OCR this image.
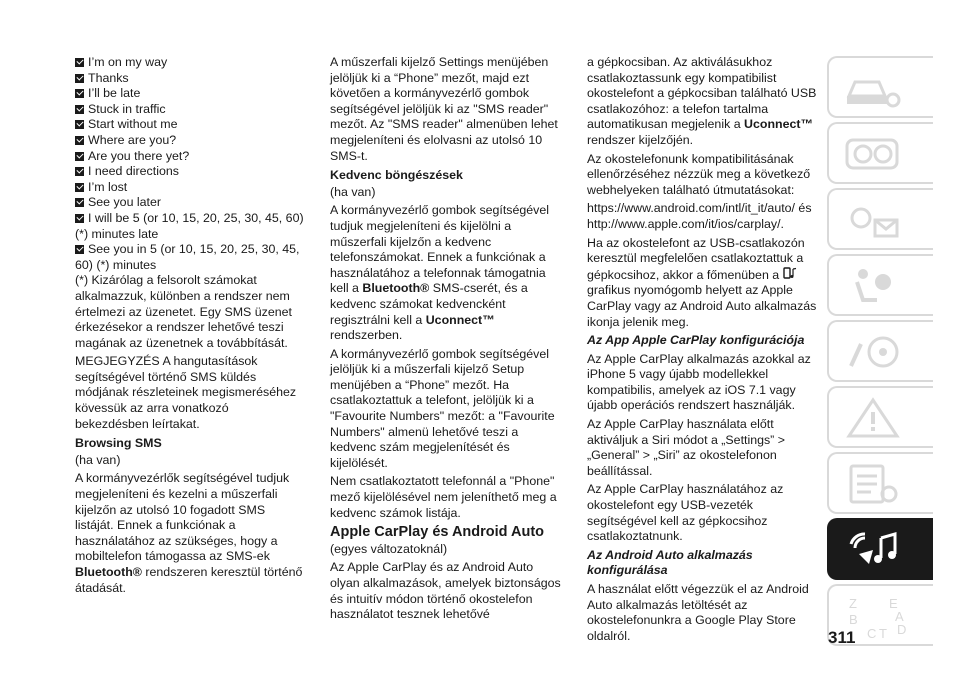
I’m on my way
Thanks
I’ll be late
Stuck in traffic
Start without me
Where are you?
Are you there yet?
I need directions
I’m lost
See you later
I will be 5 (or 10, 15, 20, 25, 30, 45, 60) (*) minutes late
See you in 5 (or 10, 15, 20, 25, 30, 45, 60) (*) minutes

(*) Kizárólag a felsorolt számokat alkalmazzuk, különben a rendszer nem értelmezi az üzenetet. Egy SMS üzenet érkezésekor a rendszer lehetővé teszi magának az üzenetnek a továbbítását.

MEGJEGYZÉS A hangutasítások segítségével történő SMS küldés módjának részleteinek megismeréséhez kövessük az arra vonatkozó bekezdésben leírtakat.

Browsing SMS

(ha van)

A kormányvezérlők segítségével tudjuk megjeleníteni és kezelni a műszerfali kijelzőn az utolsó 10 fogadott SMS listáját. Ennek a funkciónak a használatához az szükséges, hogy a mobiltelefon támogassa az SMS-ek Bluetooth® rendszeren keresztül történő átadását.

A műszerfali kijelző Settings menüjében jelöljük ki a “Phone” mezőt, majd ezt követően a kormányvezérlő gombok segítségével jelöljük ki az "SMS reader" mezőt. Az "SMS reader" almenüben lehet megjeleníteni és elolvasni az utolsó 10 SMS-t.

Kedvenc böngészések

(ha van)

A kormányvezérlő gombok segítségével tudjuk megjeleníteni és kijelölni a műszerfali kijelzőn a kedvenc telefonszámokat. Ennek a funkciónak a használatához a telefonnak támogatnia kell a Bluetooth® SMS-cserét, és a kedvenc számokat kedvencként regisztrálni kell a Uconnect™ rendszerben.

A kormányvezérlő gombok segítségével jelöljük ki a műszerfali kijelző Setup menüjében a “Phone” mezőt. Ha csatlakoztattuk a telefont, jelöljük ki a "Favourite Numbers" mezőt: a "Favourite Numbers" almenü lehetővé teszi a kedvenc szám megjelenítését és kijelölését.

Nem csatlakoztatott telefonnál a "Phone" mező kijelölésével nem jeleníthető meg a kedvenc számok listája.

Apple CarPlay és Android Auto

(egyes változatoknál)

Az Apple CarPlay és az Android Auto olyan alkalmazások, amelyek biztonságos és intuitív módon történő okostelefon használatot tesznek lehetővé

a gépkocsiban. Az aktiválásukhoz csatlakoztassunk egy kompatibilist okostelefont a gépkocsiban található USB csatlakozóhoz: a telefon tartalma automatikusan megjelenik a Uconnect™ rendszer kijelzőjén.

Az okostelefonunk kompatibilitásának ellenőrzéséhez nézzük meg a következő webhelyeken található útmutatásokat:

https://www.android.com/intl/it_it/auto/ és http://www.apple.com/it/ios/carplay/.

Ha az okostelefont az USB-csatlakozón keresztül megfelelően csatlakoztattuk a gépkocsihoz, akkor a főmenüben a  grafikus nyomógomb helyett az Apple CarPlay vagy az Android Auto alkalmazás ikonja jelenik meg.

Az App Apple CarPlay konfigurációja

Az Apple CarPlay alkalmazás azokkal az iPhone 5 vagy újabb modellekkel kompatibilis, amelyek az iOS 7.1 vagy újabb operációs rendszert használják.

Az Apple CarPlay használata előtt aktiváljuk a Siri módot a „Settings” > „General” > „Siri” az okostelefonon beállítással.

Az Apple CarPlay használatához az okostelefont egy USB-vezeték segítségével kell az gépkocsihoz csatlakoztatnunk.

Az Android Auto alkalmazás konfigurálása

A használat előtt végezzük el az Android Auto alkalmazás letöltését az okostelefonunkra a Google Play Store oldalról.

Z E
B
C T D
A
311
